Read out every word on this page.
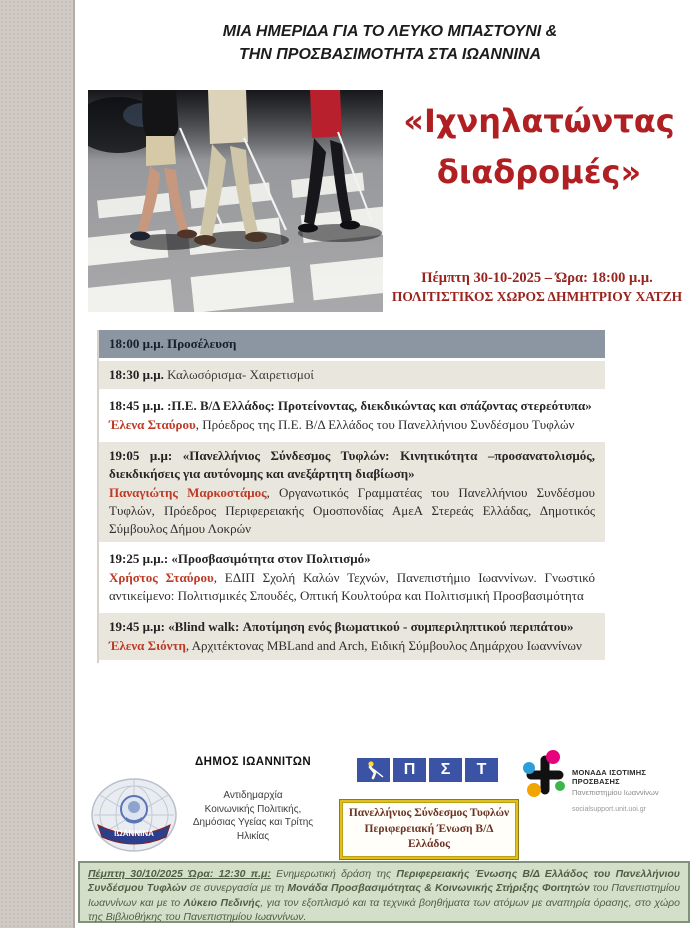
ΜΙΑ ΗΜΕΡΙΔΑ ΓΙΑ ΤΟ ΛΕΥΚΟ ΜΠΑΣΤΟΥΝΙ &
ΤΗΝ ΠΡΟΣΒΑΣΙΜΟΤΗΤΑ ΣΤΑ ΙΩΑΝΝΙΝΑ
«Ιχνηλατώντας
διαδρομές»
Πέμπτη 30-10-2025 – Ώρα: 18:00 μ.μ.
ΠΟΛΙΤΙΣΤΙΚΟΣ ΧΩΡΟΣ ΔΗΜΗΤΡΙΟΥ ΧΑΤΖΗ
18:00 μ.μ. Προσέλευση
18:30 μ.μ. Καλωσόρισμα- Χαιρετισμοί
18:45 μ.μ. :Π.Ε. Β/Δ Ελλάδος: Προτείνοντας, διεκδικώντας και σπάζοντας στερεότυπα»
Έλενα Σταύρου, Πρόεδρος της Π.Ε. Β/Δ Ελλάδος του Πανελλήνιου Συνδέσμου Τυφλών
19:05 μ.μ: «Πανελλήνιος Σύνδεσμος Τυφλών: Κινητικότητα –προσανατολισμός, διεκδικήσεις για αυτόνομης και ανεξάρτητη διαβίωση»
Παναγιώτης Μαρκοστάμος, Οργανωτικός Γραμματέας του Πανελλήνιου Συνδέσμου Τυφλών, Πρόεδρος Περιφερειακής Ομοσπονδίας ΑμεΑ Στερεάς Ελλάδας, Δημοτικός Σύμβουλος Δήμου Λοκρών
19:25 μ.μ.: «Προσβασιμότητα στον Πολιτισμό»
Χρήστος Σταύρου, ΕΔΙΠ Σχολή Καλών Τεχνών, Πανεπιστήμιο Ιωαννίνων. Γνωστικό αντικείμενο: Πολιτισμικές Σπουδές, Οπτική Κουλτούρα και Πολιτισμική Προσβασιμότητα
19:45 μ.μ: «Blind walk: Αποτίμηση ενός βιωματικού - συμπεριληπτικού περιπάτου»
Έλενα Σιόντη, Αρχιτέκτονας MBLand and Arch, Ειδική Σύμβουλος Δημάρχου Ιωαννίνων
ΙΩΑΝΝΙΝΑ
ΔΗΜΟΣ ΙΩΑΝΝΙΤΩΝ
Αντιδημαρχία
Κοινωνικής Πολιτικής,
Δημόσιας Υγείας και Τρίτης
Ηλικίας
Π	Σ	Τ
Πανελλήνιος Σύνδεσμος Τυφλών
Περιφερειακή Ένωση Β/Δ Ελλάδος
ΜΟΝΑΔΑ ΙΣΟΤΙΜΗΣ ΠΡΟΣΒΑΣΗΣ
Πανεπιστημίου Ιωαννίνων
socialsupport.unit.uoi.gr
Πέμπτη 30/10/2025 Ώρα: 12:30 π.μ: Ενημερωτική δράση της Περιφερειακής Ένωσης Β/Δ Ελλάδος του Πανελλήνιου Συνδέσμου Τυφλών σε συνεργασία με τη Μονάδα Προσβασιμότητας & Κοινωνικής Στήριξης Φοιτητών του Πανεπιστημίου Ιωαννίνων και με το Λύκειο Πεδινής, για τον εξοπλισμό και τα τεχνικά βοηθήματα των ατόμων με αναπηρία όρασης, στο χώρο της Βιβλιοθήκης του Πανεπιστημίου Ιωαννίνων.
